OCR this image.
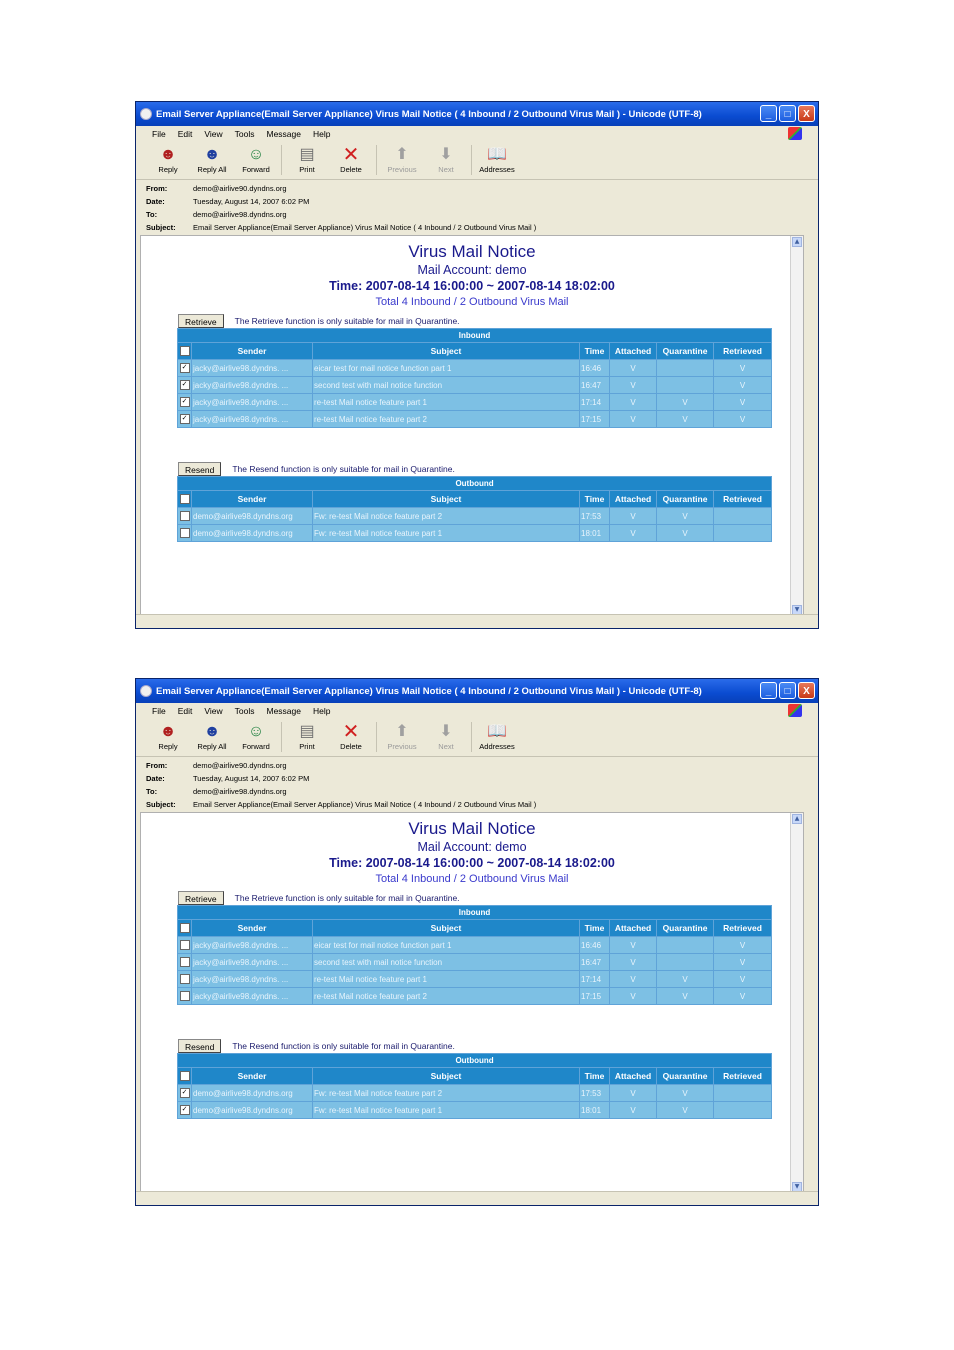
Email Server Appliance(Email Server Appliance) Virus Mail Notice ( 4 Inbound / 2 Outbound Virus Mail ) - Unicode (UTF-8)	_	□	X
File Edit View Tools Message Help
☻
Reply
☻
Reply All
☺
Forward
▤
Print
✕
Delete
⬆
Previous
⬇
Next
📖
Addresses
From:	demo@airlive90.dyndns.org
Date:	Tuesday, August 14, 2007 6:02 PM
To:	demo@airlive98.dyndns.org
Subject:	Email Server Appliance(Email Server Appliance) Virus Mail Notice ( 4 Inbound / 2 Outbound Virus Mail )
Virus Mail Notice
Mail Account: demo
Time: 2007-08-14 16:00:00 ~ 2007-08-14 18:02:00
Total 4 Inbound / 2 Outbound Virus Mail
Retrieve	The Retrieve function is only suitable for mail in Quarantine.
Inbound						
	Sender	Subject	Time	Attached	Quarantine	Retrieved
✓	jacky@airlive98.dyndns. ...	eicar test for mail notice function part 1	16:46	V		V
✓	jacky@airlive98.dyndns. ...	second test with mail notice function	16:47	V		V
✓	jacky@airlive98.dyndns. ...	re-test Mail notice feature part 1	17:14	V	V	V
✓	jacky@airlive98.dyndns. ...	re-test Mail notice feature part 2	17:15	V	V	V
Resend	The Resend function is only suitable for mail in Quarantine.
Outbound						
	Sender	Subject	Time	Attached	Quarantine	Retrieved
	demo@airlive98.dyndns.org	Fw: re-test Mail notice feature part 2	17:53	V	V	
	demo@airlive98.dyndns.org	Fw: re-test Mail notice feature part 1	18:01	V	V	
▲
▼
Email Server Appliance(Email Server Appliance) Virus Mail Notice ( 4 Inbound / 2 Outbound Virus Mail ) - Unicode (UTF-8)	_	□	X
File Edit View Tools Message Help
☻
Reply
☻
Reply All
☺
Forward
▤
Print
✕
Delete
⬆
Previous
⬇
Next
📖
Addresses
From:	demo@airlive90.dyndns.org
Date:	Tuesday, August 14, 2007 6:02 PM
To:	demo@airlive98.dyndns.org
Subject:	Email Server Appliance(Email Server Appliance) Virus Mail Notice ( 4 Inbound / 2 Outbound Virus Mail )
Virus Mail Notice
Mail Account: demo
Time: 2007-08-14 16:00:00 ~ 2007-08-14 18:02:00
Total 4 Inbound / 2 Outbound Virus Mail
Retrieve	The Retrieve function is only suitable for mail in Quarantine.
Inbound						
	Sender	Subject	Time	Attached	Quarantine	Retrieved
	jacky@airlive98.dyndns. ...	eicar test for mail notice function part 1	16:46	V		V
	jacky@airlive98.dyndns. ...	second test with mail notice function	16:47	V		V
	jacky@airlive98.dyndns. ...	re-test Mail notice feature part 1	17:14	V	V	V
	jacky@airlive98.dyndns. ...	re-test Mail notice feature part 2	17:15	V	V	V
Resend	The Resend function is only suitable for mail in Quarantine.
Outbound						
	Sender	Subject	Time	Attached	Quarantine	Retrieved
✓	demo@airlive98.dyndns.org	Fw: re-test Mail notice feature part 2	17:53	V	V	
✓	demo@airlive98.dyndns.org	Fw: re-test Mail notice feature part 1	18:01	V	V	
▲
▼
